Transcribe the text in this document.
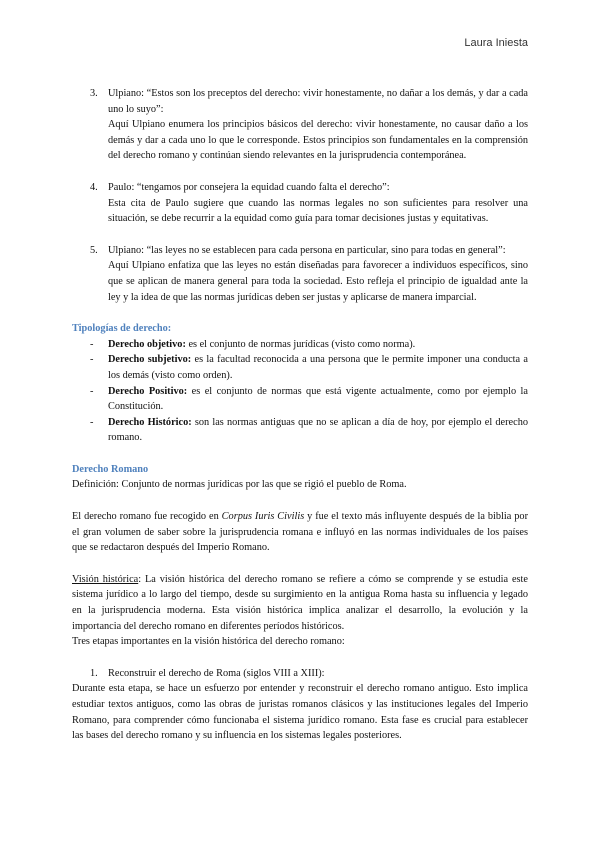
Laura Iniesta
3. Ulpiano: “Estos son los preceptos del derecho: vivir honestamente, no dañar a los demás, y dar a cada uno lo suyo”:
Aquí Ulpiano enumera los principios básicos del derecho: vivir honestamente, no causar daño a los demás y dar a cada uno lo que le corresponde. Estos principios son fundamentales en la comprensión del derecho romano y continúan siendo relevantes en la jurisprudencia contemporánea.
4. Paulo: “tengamos por consejera la equidad cuando falta el derecho”:
Esta cita de Paulo sugiere que cuando las normas legales no son suficientes para resolver una situación, se debe recurrir a la equidad como guía para tomar decisiones justas y equitativas.
5. Ulpiano: “las leyes no se establecen para cada persona en particular, sino para todas en general”:
Aquí Ulpiano enfatiza que las leyes no están diseñadas para favorecer a individuos específicos, sino que se aplican de manera general para toda la sociedad. Esto refleja el principio de igualdad ante la ley y la idea de que las normas jurídicas deben ser justas y aplicarse de manera imparcial.
Tipologías de derecho:
- Derecho objetivo: es el conjunto de normas jurídicas (visto como norma).
- Derecho subjetivo: es la facultad reconocida a una persona que le permite imponer una conducta a los demás (visto como orden).
- Derecho Positivo: es el conjunto de normas que está vigente actualmente, como por ejemplo la Constitución.
- Derecho Histórico: son las normas antiguas que no se aplican a día de hoy, por ejemplo el derecho romano.
Derecho Romano
Definición: Conjunto de normas jurídicas por las que se rigió el pueblo de Roma.
El derecho romano fue recogido en Corpus Iuris Civilis y fue el texto más influyente después de la biblia por el gran volumen de saber sobre la jurisprudencia romana e influyó en las normas individuales de los países que se redactaron después del Imperio Romano.
Visión histórica: La visión histórica del derecho romano se refiere a cómo se comprende y se estudia este sistema jurídico a lo largo del tiempo, desde su surgimiento en la antigua Roma hasta su influencia y legado en la jurisprudencia moderna. Esta visión histórica implica analizar el desarrollo, la evolución y la importancia del derecho romano en diferentes períodos históricos.
Tres etapas importantes en la visión histórica del derecho romano:
1. Reconstruir el derecho de Roma (siglos VIII a XIII):
Durante esta etapa, se hace un esfuerzo por entender y reconstruir el derecho romano antiguo. Esto implica estudiar textos antiguos, como las obras de juristas romanos clásicos y las instituciones legales del Imperio Romano, para comprender cómo funcionaba el sistema jurídico romano. Esta fase es crucial para establecer las bases del derecho romano y su influencia en los sistemas legales posteriores.
